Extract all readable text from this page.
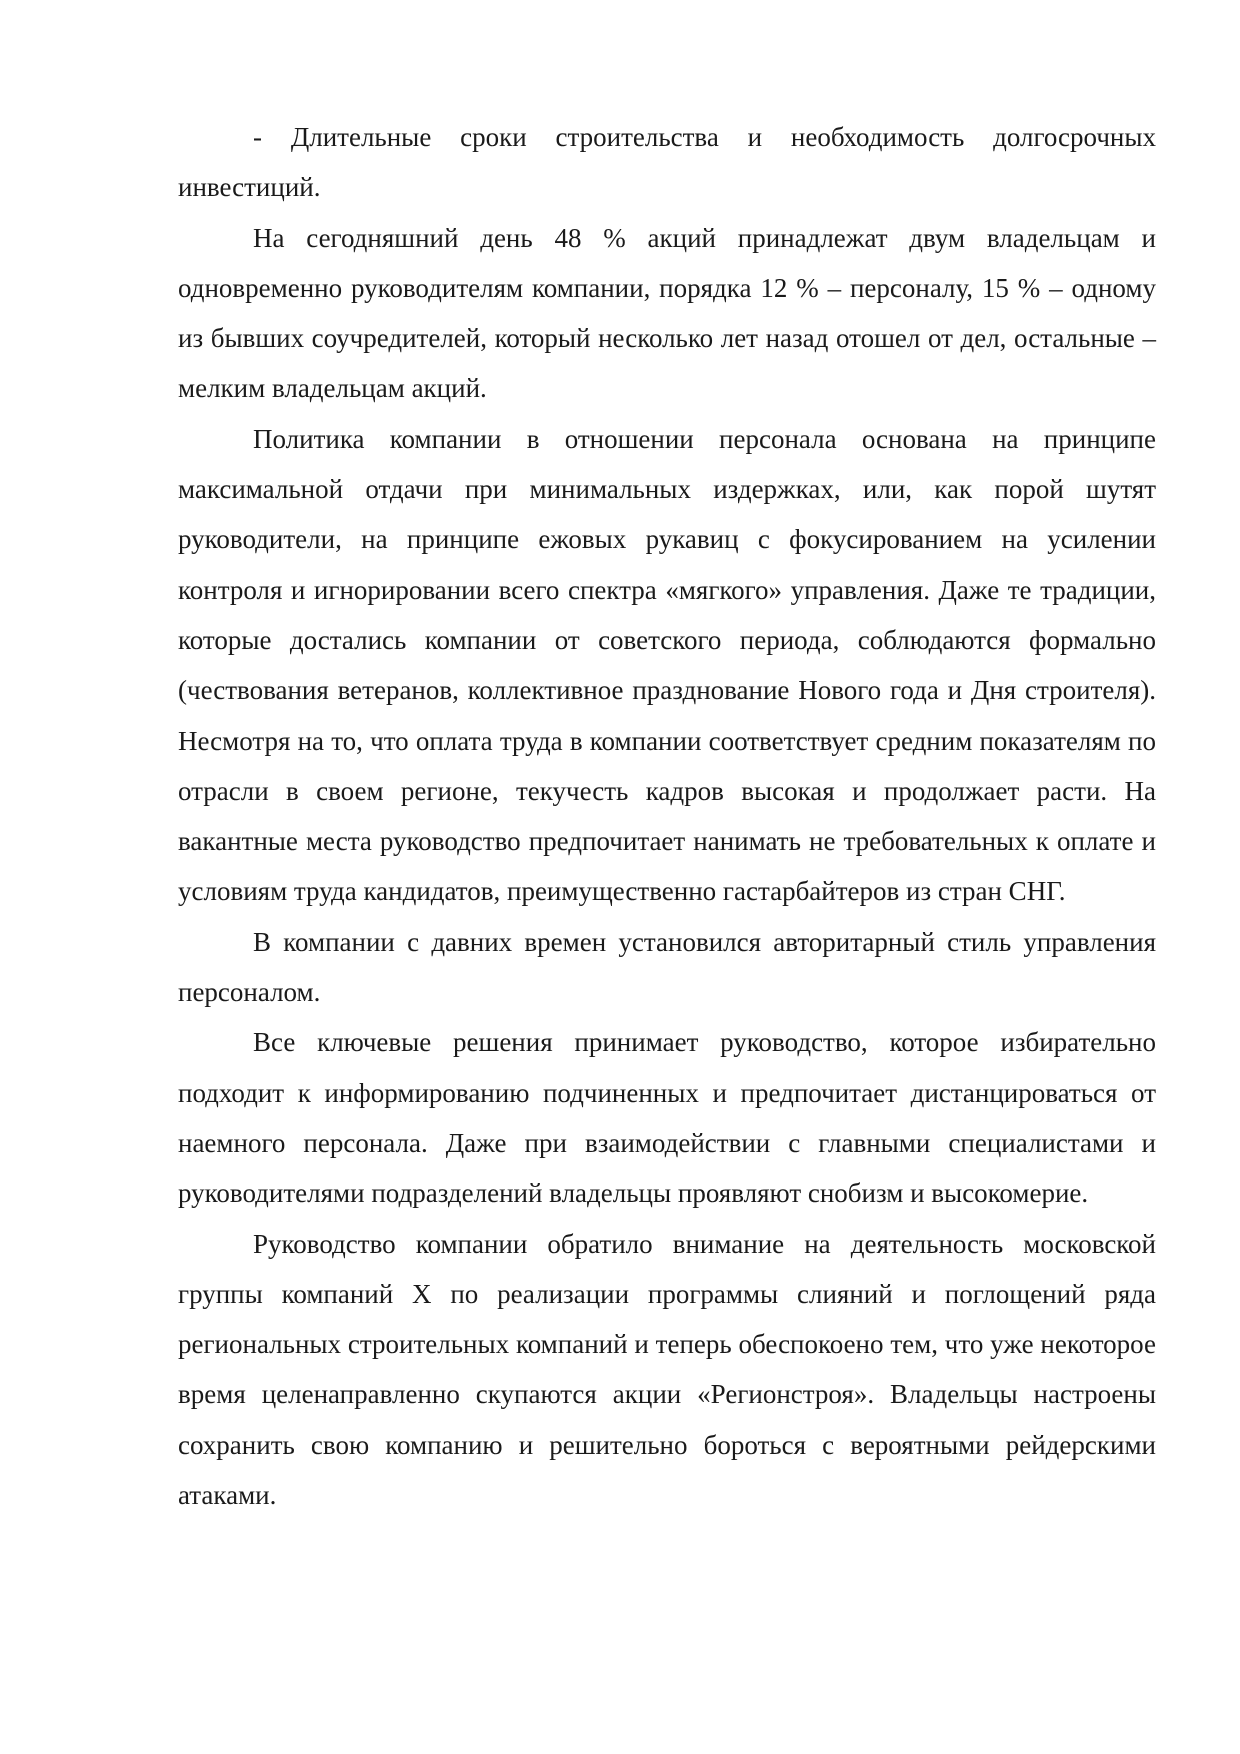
- Длительные сроки строительства и необходимость долгосрочных инвестиций.

На сегодняшний день 48 % акций принадлежат двум владельцам и одновременно руководителям компании, порядка 12 % – персоналу, 15 % – одному из бывших соучредителей, который несколько лет назад отошел от дел, остальные – мелким владельцам акций.

Политика компании в отношении персонала основана на принципе максимальной отдачи при минимальных издержках, или, как порой шутят руководители, на принципе ежовых рукавиц с фокусированием на усилении контроля и игнорировании всего спектра «мягкого» управления. Даже те традиции, которые достались компании от советского периода, соблюдаются формально (чествования ветеранов, коллективное празднование Нового года и Дня строителя). Несмотря на то, что оплата труда в компании соответствует средним показателям по отрасли в своем регионе, текучесть кадров высокая и продолжает расти. На вакантные места руководство предпочитает нанимать не требовательных к оплате и условиям труда кандидатов, преимущественно гастарбайтеров из стран СНГ.

В компании с давних времен установился авторитарный стиль управления персоналом.

Все ключевые решения принимает руководство, которое избирательно подходит к информированию подчиненных и предпочитает дистанцироваться от наемного персонала. Даже при взаимодействии с главными специалистами и руководителями подразделений владельцы проявляют снобизм и высокомерие.

Руководство компании обратило внимание на деятельность московской группы компаний Х по реализации программы слияний и поглощений ряда региональных строительных компаний и теперь обеспокоено тем, что уже некоторое время целенаправленно скупаются акции «Регионстроя». Владельцы настроены сохранить свою компанию и решительно бороться с вероятными рейдерскими атаками.
